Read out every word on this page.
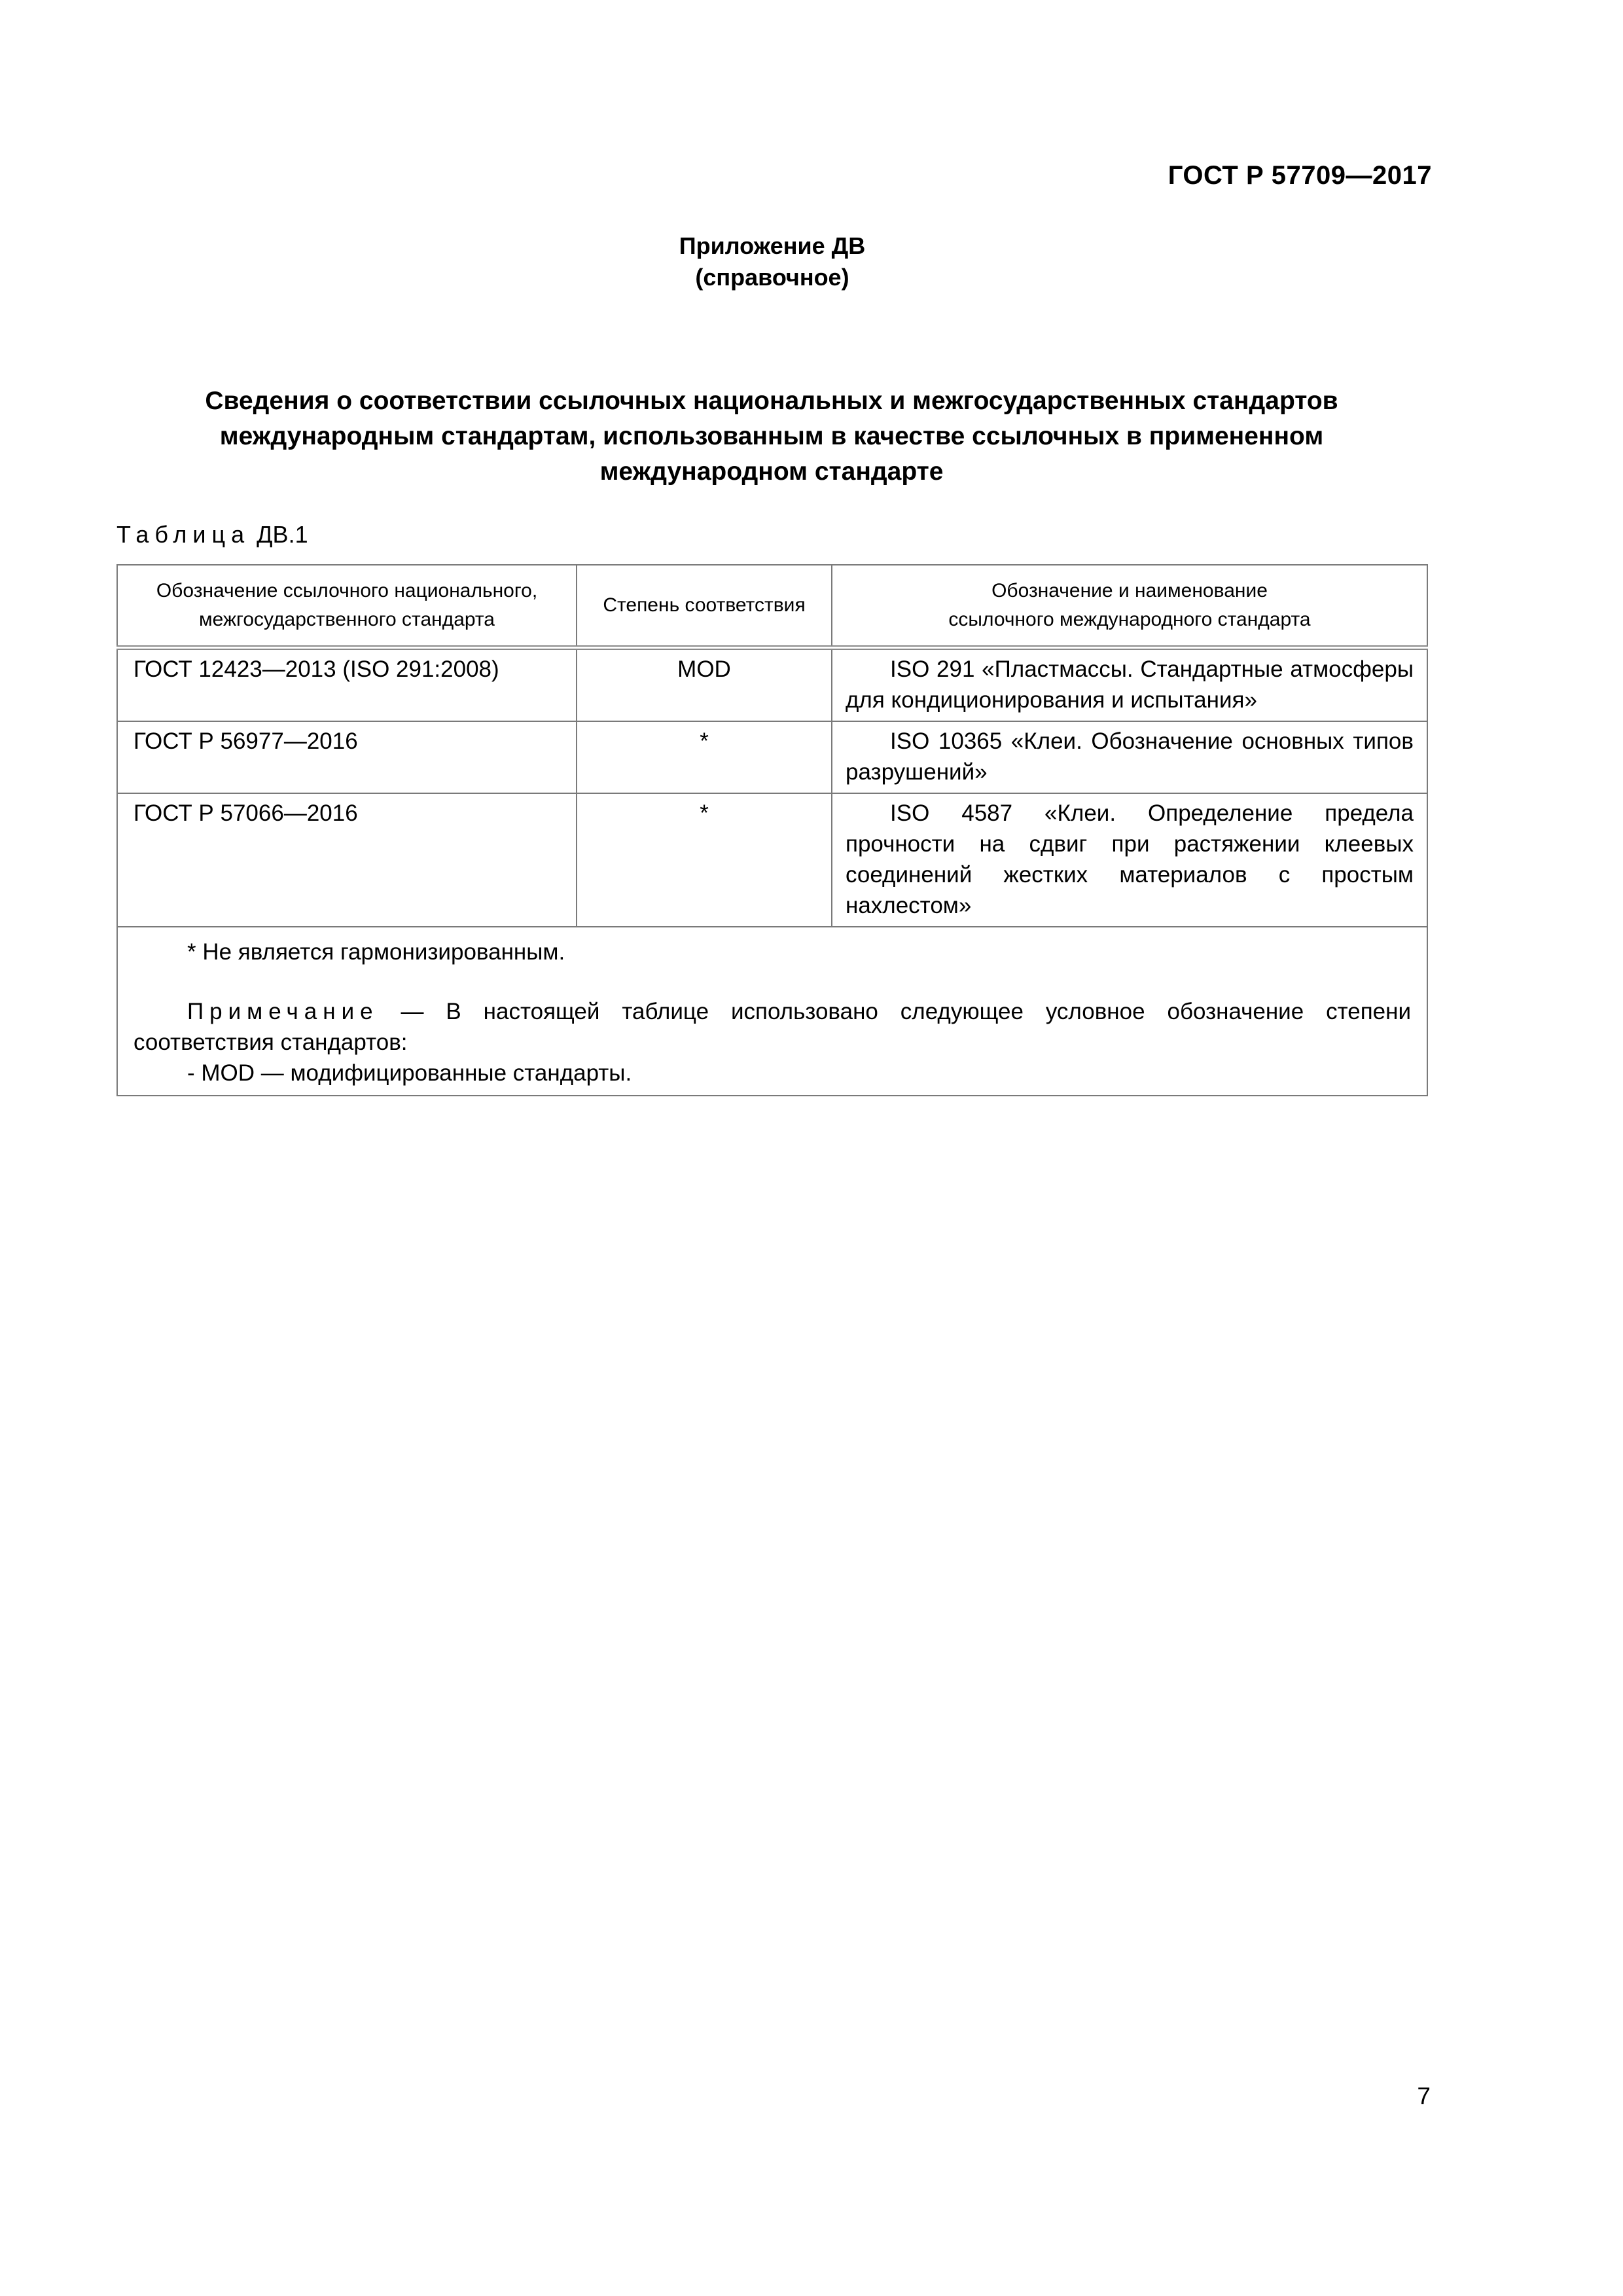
ГОСТ Р 57709—2017
Приложение ДВ
(справочное)
Сведения о соответствии ссылочных национальных и межгосударственных стандартов
международным стандартам, использованным в качестве ссылочных в примененном
международном стандарте
Таблица ДВ.1
Обозначение ссылочного национального,
межгосударственного стандарта	Степень соответствия	Обозначение и наименование
ссылочного международного стандарта
ГОСТ 12423—2013 (ISO 291:2008)	MOD	ISO 291 «Пластмассы. Стандартные атмосферы для кондиционирования и испытания»
ГОСТ Р 56977—2016	*	ISO 10365 «Клеи. Обозначение основных типов разрушений»
ГОСТ Р 57066—2016	*	ISO 4587 «Клеи. Определение предела прочности на сдвиг при растяжении клеевых соединений жестких материалов с простым нахлестом»

* Не является гармонизированным.

Примечание — В настоящей таблице использовано следующее условное обозначение степени соответствия стандартов:

- MOD — модифицированные стандарты.		

7
